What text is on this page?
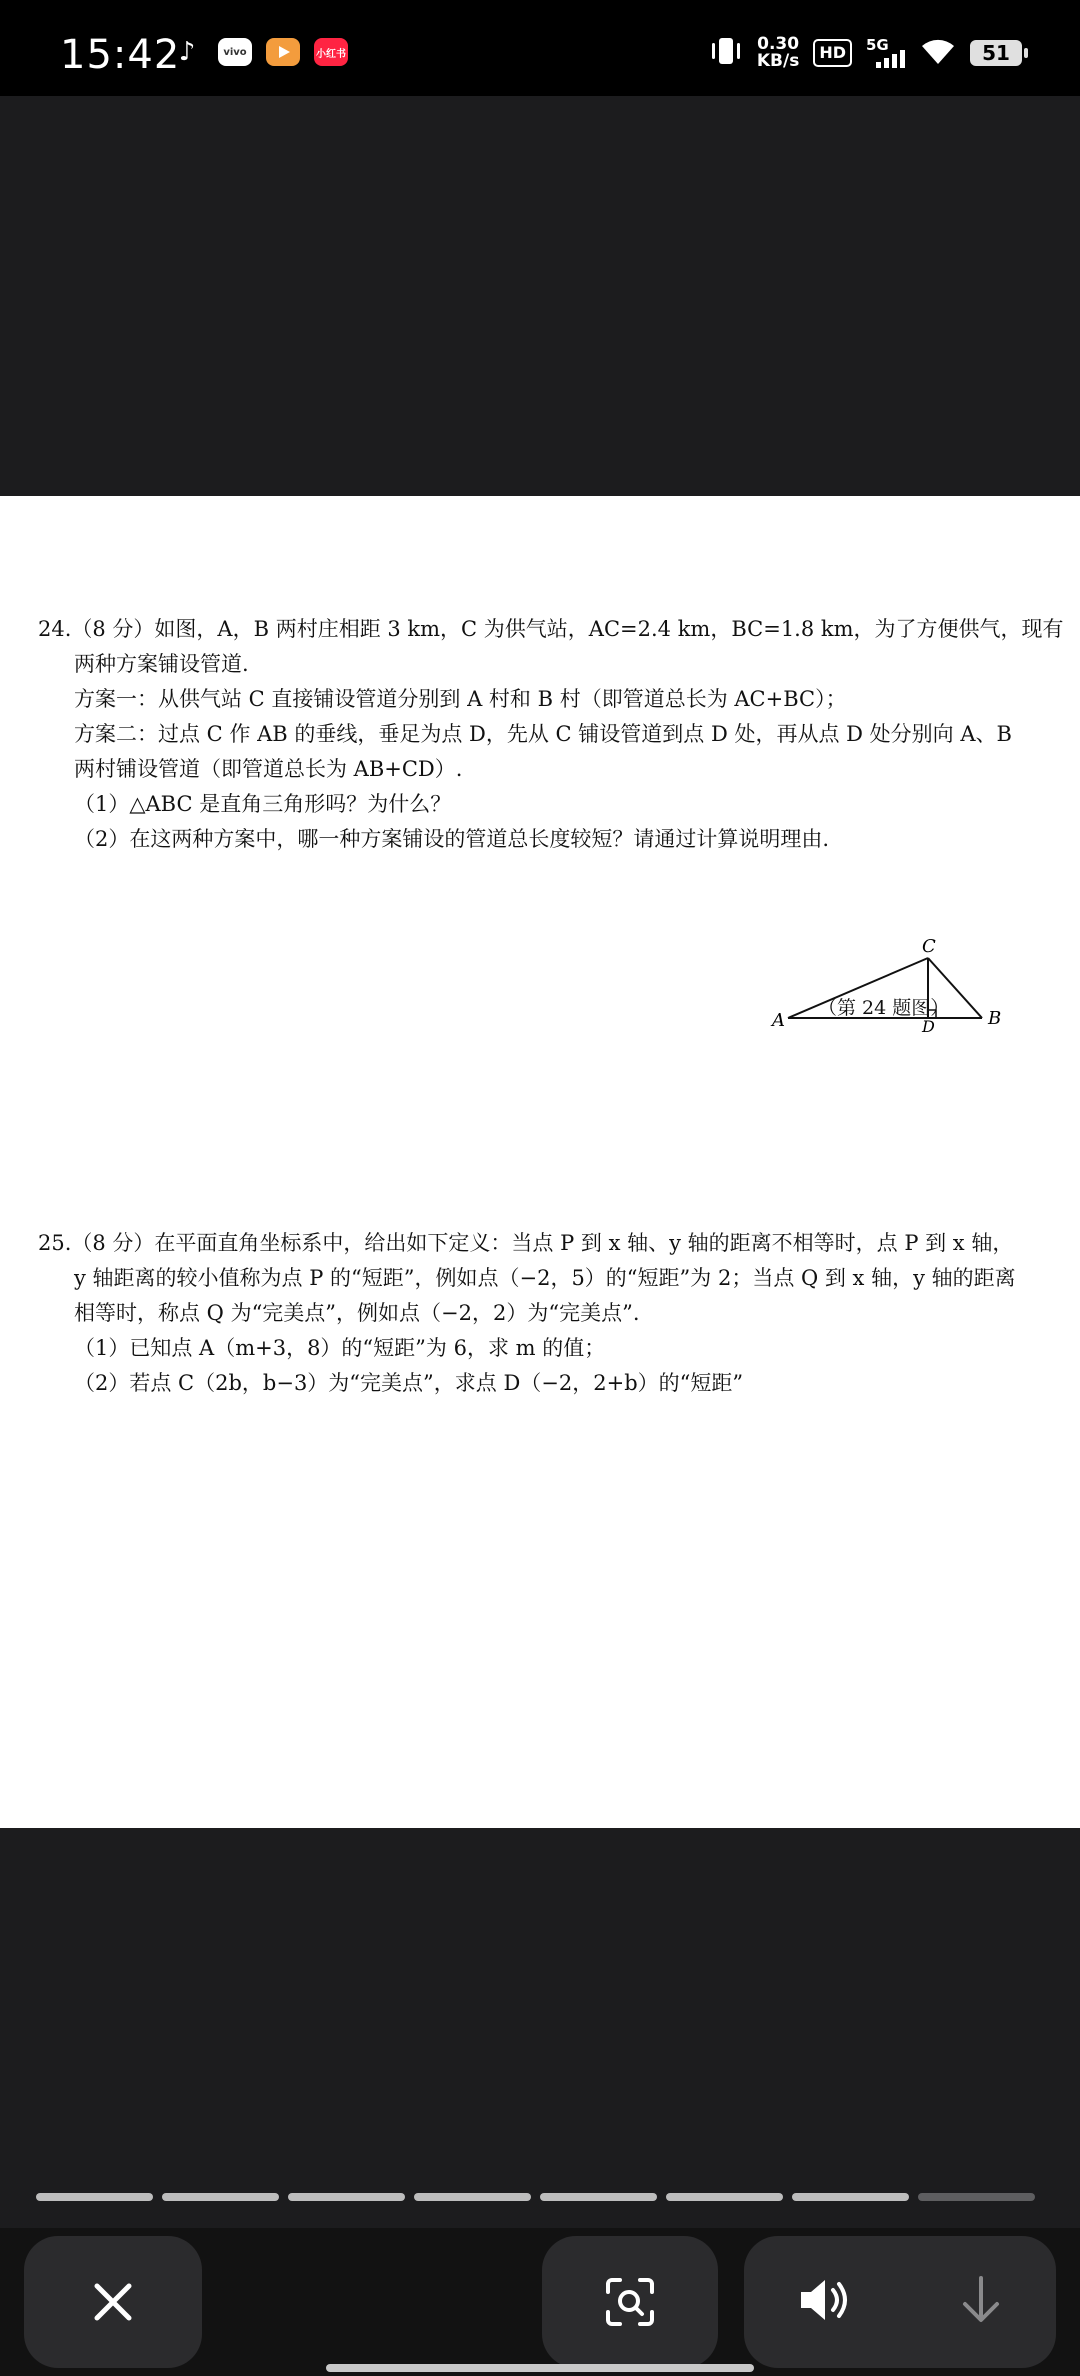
15:42
♪	vivo	小红书	0.30
KB/s	HD	5G	51

24.（8 分）如图，A，B 两村庄相距 3 km，C 为供气站，AC=2.4 km，BC=1.8 km，为了方便供气，现有

两种方案铺设管道.

方案一：从供气站 C 直接铺设管道分别到 A 村和 B 村（即管道总长为 AC+BC）；

方案二：过点 C 作 AB 的垂线，垂足为点 D，先从 C 铺设管道到点 D 处，再从点 D 处分别向 A、B

两村铺设管道（即管道总长为 AB+CD）.

（1）△ABC 是直角三角形吗？为什么？

（2）在这两种方案中，哪一种方案铺设的管道总长度较短？请通过计算说明理由.

A	B
C
D
（第 24 题图）

25.（8 分）在平面直角坐标系中，给出如下定义：当点 P 到 x 轴、y 轴的距离不相等时，点 P 到 x 轴，

y 轴距离的较小值称为点 P 的“短距”，例如点（−2，5）的“短距”为 2；当点 Q 到 x 轴，y 轴的距离

相等时，称点 Q 为“完美点”，例如点（−2，2）为“完美点”.

（1）已知点 A（m+3，8）的“短距”为 6，求 m 的值；

（2）若点 C（2b，b−3）为“完美点”，求点 D（−2，2+b）的“短距”
